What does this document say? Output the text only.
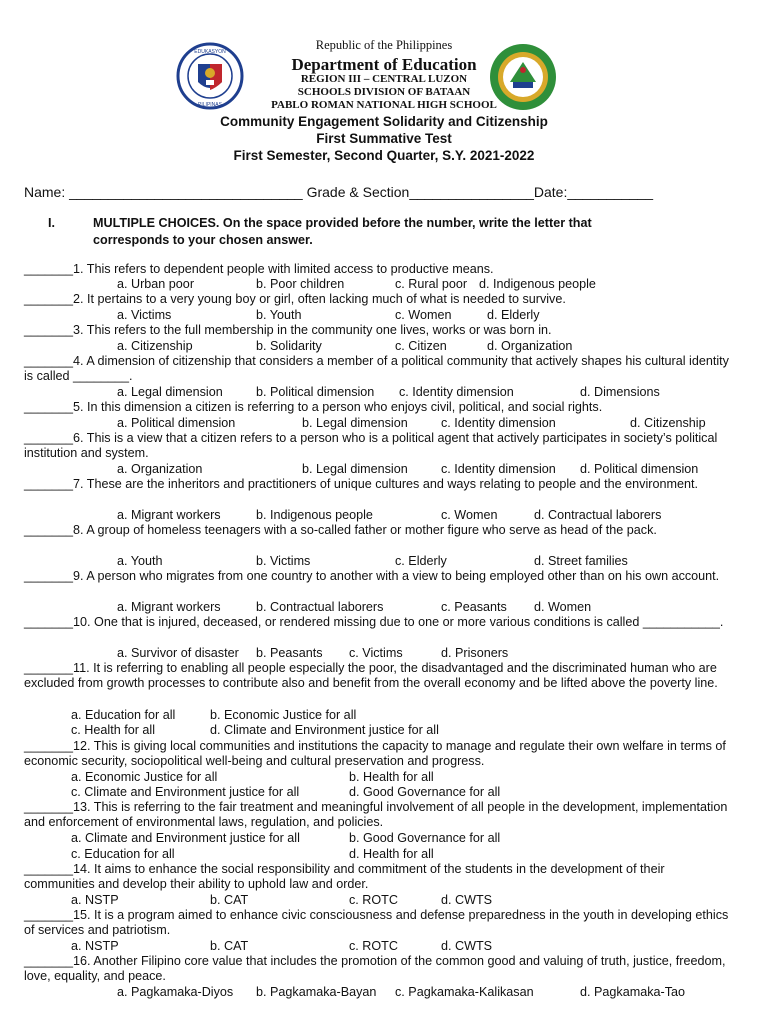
EDUKASYON
PILIPINAS
Republic of the Philippines
Department of Education
REGION III – CENTRAL LUZON
SCHOOLS DIVISION OF BATAAN
PABLO ROMAN NATIONAL HIGH SCHOOL
Community Engagement Solidarity and Citizenship
First Summative Test
First Semester, Second Quarter, S.Y. 2021-2022
Name: ______________________________ Grade & Section________________Date:___________
I.	MULTIPLE CHOICES. On the space provided before the number, write the letter that
corresponds to your chosen answer.
_______1. This refers to dependent people with limited access to productive means.
a. Urban poor	b. Poor children	c. Rural poor d. Indigenous people
_______2. It pertains to a very young boy or girl, often lacking much of what is needed to survive.
a. Victims	b. Youth	c. Women	d. Elderly
_______3. This refers to the full membership in the community one lives, works or was born in.
a. Citizenship	b. Solidarity	c. Citizen	d. Organization
_______4. A dimension of citizenship that considers a member of a political community that actively shapes his cultural identity is called ________.
a. Legal dimension	b. Political dimension c. Identity dimension	d. Dimensions
_______5. In this dimension a citizen is referring to a person who enjoys civil, political, and social rights.
a. Political dimension	b. Legal dimension	c. Identity dimension	d. Citizenship
_______6. This is a view that a citizen refers to a person who is a political agent that actively participates in society’s political institution and system.
a. Organization	b. Legal dimension	c. Identity dimension d. Political dimension
_______7. These are the inheritors and practitioners of unique cultures and ways relating to people and the environment.
a. Migrant workers	b. Indigenous people	c. Women	d. Contractual laborers
_______8. A group of homeless teenagers with a so-called father or mother figure who serve as head of the pack.
a. Youth	b. Victims	c. Elderly	d. Street families
_______9. A person who migrates from one country to another with a view to being employed other than on his own account.
a. Migrant workers	b. Contractual laborers	c. Peasants d. Women
_______10. One that is injured, deceased, or rendered missing due to one or more various conditions is called ___________.
a. Survivor of disaster b. Peasants c. Victims	d. Prisoners
_______11. It is referring to enabling all people especially the poor, the disadvantaged and the discriminated human who are excluded from growth processes to contribute also and benefit from the overall economy and be lifted above the poverty line.
a. Education for all	b. Economic Justice for all
c. Health for all	d. Climate and Environment justice for all
_______12. This is giving local communities and institutions the capacity to manage and regulate their own welfare in terms of economic security, sociopolitical well-being and cultural preservation and progress.
a. Economic Justice for all	b. Health for all
c. Climate and Environment justice for all	d. Good Governance for all
_______13. This is referring to the fair treatment and meaningful involvement of all people in the development, implementation and enforcement of environmental laws, regulation, and policies.
a. Climate and Environment justice for all	b. Good Governance for all
c. Education for all	d. Health for all
_______14. It aims to enhance the social responsibility and commitment of the students in the development of their communities and develop their ability to uphold law and order.
a. NSTP	b. CAT	c. ROTC	d. CWTS
_______15. It is a program aimed to enhance civic consciousness and defense preparedness in the youth in developing ethics of services and patriotism.
a. NSTP	b. CAT	c. ROTC	d. CWTS
_______16. Another Filipino core value that includes the promotion of the common good and valuing of truth, justice, freedom, love, equality, and peace.
a. Pagkamaka-Diyos b. Pagkamaka-Bayan c. Pagkamaka-Kalikasan	d. Pagkamaka-Tao
